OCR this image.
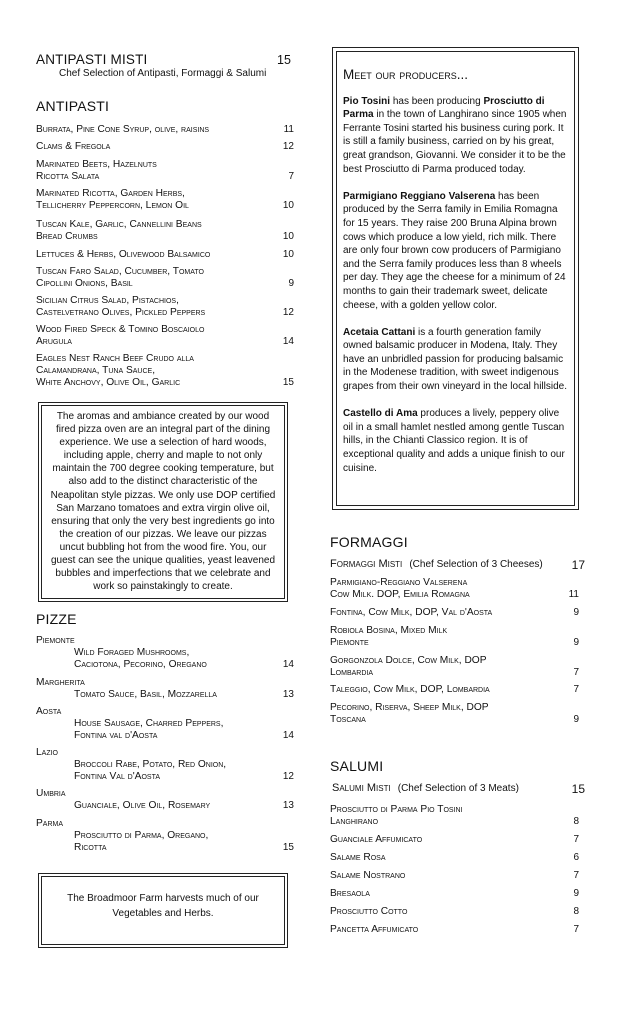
ANTIPASTI MISTI	15
Chef Selection of Antipasti, Formaggi & Salumi
ANTIPASTI
Burrata, Pine Cone Syrup, olive, raisins	11
Clams & Fregola	12
Marinated Beets, Hazelnuts
Ricotta Salata	7
Marinated Ricotta, Garden Herbs,
Tellicherry Peppercorn, Lemon Oil	10
Tuscan Kale, Garlic, Cannellini Beans
Bread Crumbs	10
Lettuces & Herbs, Olivewood Balsamico	10
Tuscan Faro Salad, Cucumber, Tomato
Cipollini Onions, Basil	9
Sicilian Citrus Salad, Pistachios,
Castelvetrano Olives, Pickled Peppers	12
Wood Fired Speck & Tomino Boscaiolo
Arugula	14
Eagles Nest Ranch Beef Crudo alla
Calamandrana, Tuna Sauce,
White Anchovy, Olive Oil, Garlic	15
The aromas and ambiance created by our wood fired pizza oven are an integral part of the dining experience. We use a selection of hard woods, including apple, cherry and maple to not only maintain the 700 degree cooking temperature, but also add to the distinct characteristic of the Neapolitan style pizzas. We only use DOP certified San Marzano tomatoes and extra virgin olive oil, ensuring that only the very best ingredients go into the creation of our pizzas. We leave our pizzas uncut bubbling hot from the wood fire. You, our guest can see the unique qualities, yeast leavened bubbles and imperfections that we celebrate and work so painstakingly to create.
PIZZE
Piemonte
Wild Foraged Mushrooms,
Caciotona, Pecorino, Oregano	14
Margherita
Tomato Sauce, Basil, Mozzarella	13
Aosta
House Sausage, Charred Peppers,
Fontina val d'Aosta	14
Lazio
Broccoli Rabe, Potato, Red Onion,
Fontina Val d'Aosta	12
Umbria
Guanciale, Olive Oil, Rosemary	13
Parma
Prosciutto di Parma, Oregano,
Ricotta	15
The Broadmoor Farm harvests much of our Vegetables and Herbs.
Meet our producers...

Pio Tosini has been producing Prosciutto di Parma in the town of Langhirano since 1905 when Ferrante Tosini started his business curing pork. It is still a family business, carried on by his great, great grandson, Giovanni. We consider it to be the best Prosciutto di Parma produced today.

Parmigiano Reggiano Valserena has been produced by the Serra family in Emilia Romagna for 15 years. They raise 200 Bruna Alpina brown cows which produce a low yield, rich milk. There are only four brown cow producers of Parmigiano and the Serra family produces less than 8 wheels per day. They age the cheese for a minimum of 24 months to gain their trademark sweet, delicate cheese, with a golden yellow color.

Acetaia Cattani is a fourth generation family owned balsamic producer in Modena, Italy. They have an unbridled passion for producing balsamic in the Modenese tradition, with sweet indigenous grapes from their own vineyard in the local hillside.

Castello di Ama produces a lively, peppery olive oil in a small hamlet nestled among gentle Tuscan hills, in the Chianti Classico region. It is of exceptional quality and adds a unique finish to our cuisine.

FORMAGGI
Formaggi Misti (Chef Selection of 3 Cheeses) 17
Parmigiano-Reggiano Valserena
Cow Milk. DOP, Emilia Romagna	11
Fontina, Cow Milk, DOP, Val d'Aosta	9
Robiola Bosina, Mixed Milk
Piemonte	9
Gorgonzola Dolce, Cow Milk, DOP
Lombardia	7
Taleggio, Cow Milk, DOP, Lombardia	7
Pecorino, Riserva, Sheep Milk, DOP
Toscana	9
SALUMI
Salumi Misti (Chef Selection of 3 Meats)	15
Prosciutto di Parma Pio Tosini
Langhirano	8
Guanciale Affumicato	7
Salame Rosa	6
Salame Nostrano	7
Bresaola	9
Prosciutto Cotto	8
Pancetta Affumicato	7
